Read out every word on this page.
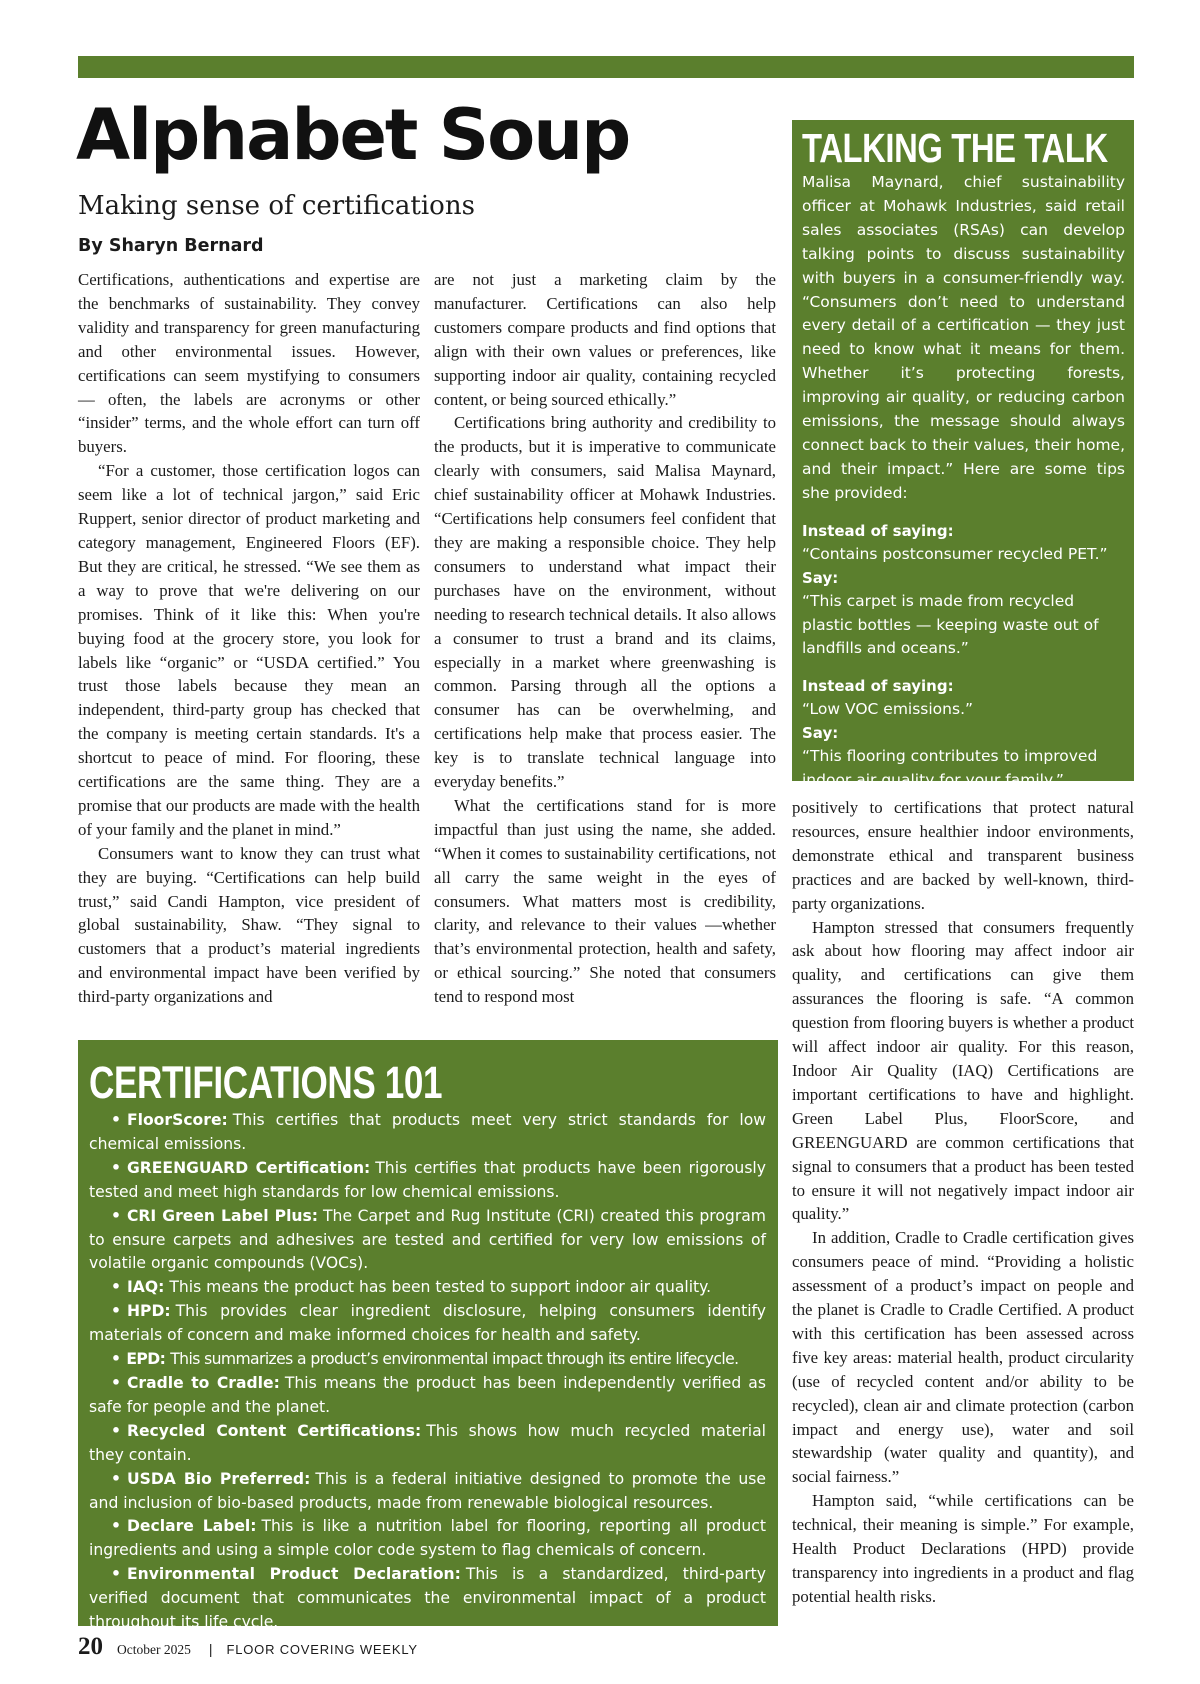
Alphabet Soup
Making sense of certifications
By Sharyn Bernard

Certifications, authentications and expertise are the benchmarks of sustainability. They convey validity and transparency for green manufacturing and other environmental issues. However, certifications can seem mystifying to consumers — often, the labels are acronyms or other “insider” terms, and the whole effort can turn off buyers.

“For a customer, those certification logos can seem like a lot of technical jargon,” said Eric Ruppert, senior director of product marketing and category management, Engineered Floors (EF). But they are critical, he stressed. “We see them as a way to prove that we're delivering on our promises. Think of it like this: When you're buying food at the grocery store, you look for labels like “organic” or “USDA certified.” You trust those labels because they mean an independent, third-party group has checked that the company is meeting certain standards. It's a shortcut to peace of mind. For flooring, these certifications are the same thing. They are a promise that our products are made with the health of your family and the planet in mind.”

Consumers want to know they can trust what they are buying. “Certifications can help build trust,” said Candi Hampton, vice president of global sustainability, Shaw. “They signal to customers that a product’s material ingredients and environmental impact have been verified by third-party organizations and

are not just a marketing claim by the manufacturer. Certifications can also help customers compare products and find options that align with their own values or preferences, like supporting indoor air quality, containing recycled content, or being sourced ethically.”

Certifications bring authority and credibility to the products, but it is imperative to communicate clearly with consumers, said Malisa Maynard, chief sustainability officer at Mohawk Industries. “Certifications help consumers feel confident that they are making a responsible choice. They help consumers to understand what impact their purchases have on the environment, without needing to research technical details. It also allows a consumer to trust a brand and its claims, especially in a market where greenwashing is common. Parsing through all the options a consumer has can be overwhelming, and certifications help make that process easier. The key is to translate technical language into everyday benefits.”

What the certifications stand for is more impactful than just using the name, she added. “When it comes to sustainability certifications, not all carry the same weight in the eyes of consumers. What matters most is credibility, clarity, and relevance to their values —whether that’s environmental protection, health and safety, or ethical sourcing.” She noted that consumers tend to respond most

positively to certifications that protect natural resources, ensure healthier indoor environments, demonstrate ethical and transparent business practices and are backed by well-known, third-party organizations.

Hampton stressed that consumers frequently ask about how flooring may affect indoor air quality, and certifications can give them assurances the flooring is safe. “A common question from flooring buyers is whether a product will affect indoor air quality. For this reason, Indoor Air Quality (IAQ) Certifications are important certifications to have and highlight. Green Label Plus, FloorScore, and GREENGUARD are common certifications that signal to consumers that a product has been tested to ensure it will not negatively impact indoor air quality.”

In addition, Cradle to Cradle certification gives consumers peace of mind. “Providing a holistic assessment of a product’s impact on people and the planet is Cradle to Cradle Certified. A product with this certification has been assessed across five key areas: material health, product circularity (use of recycled content and/or ability to be recycled), clean air and climate protection (carbon impact and energy use), water and soil stewardship (water quality and quantity), and social fairness.”

Hampton said, “while certifications can be technical, their meaning is simple.” For example, Health Product Declarations (HPD) provide transparency into ingredients in a product and flag potential health risks.

TALKING THE TALK

Malisa Maynard, chief sustainability officer at Mohawk Industries, said retail sales associates (RSAs) can develop talking points to discuss sustainability with buyers in a consumer-friendly way. “Consumers don’t need to understand every detail of a certification — they just need to know what it means for them. Whether it’s protecting forests, improving air quality, or reducing carbon emissions, the message should always connect back to their values, their home, and their impact.” Here are some tips she provided:

Instead of saying:
“Contains postconsumer recycled PET.”
Say:
“This carpet is made from recycled plastic bottles — keeping waste out of landfills and oceans.”
Instead of saying:
“Low VOC emissions.”
Say:
“This flooring contributes to improved indoor air quality for your family.”
CERTIFICATIONS 101
• FloorScore: This certifies that products meet very strict standards for low chemical emissions.
• GREENGUARD Certification: This certifies that products have been rigorously tested and meet high standards for low chemical emissions.
• CRI Green Label Plus: The Carpet and Rug Institute (CRI) created this program to ensure carpets and adhesives are tested and certified for very low emissions of volatile organic compounds (VOCs).
• IAQ: This means the product has been tested to support indoor air quality.
• HPD: This provides clear ingredient disclosure, helping consumers identify materials of concern and make informed choices for health and safety.
• EPD: This summarizes a product’s environmental impact through its entire lifecycle.
• Cradle to Cradle: This means the product has been independently verified as safe for people and the planet.
• Recycled Content Certifications: This shows how much recycled material they contain.
• USDA Bio Preferred: This is a federal initiative designed to promote the use and inclusion of bio-based products, made from renewable biological resources.
• Declare Label: This is like a nutrition label for flooring, reporting all product ingredients and using a simple color code system to flag chemicals of concern.
• Environmental Product Declaration: This is a standardized, third-party verified document that communicates the environmental impact of a product throughout its life cycle.
20 October 2025 | FLOOR COVERING WEEKLY
